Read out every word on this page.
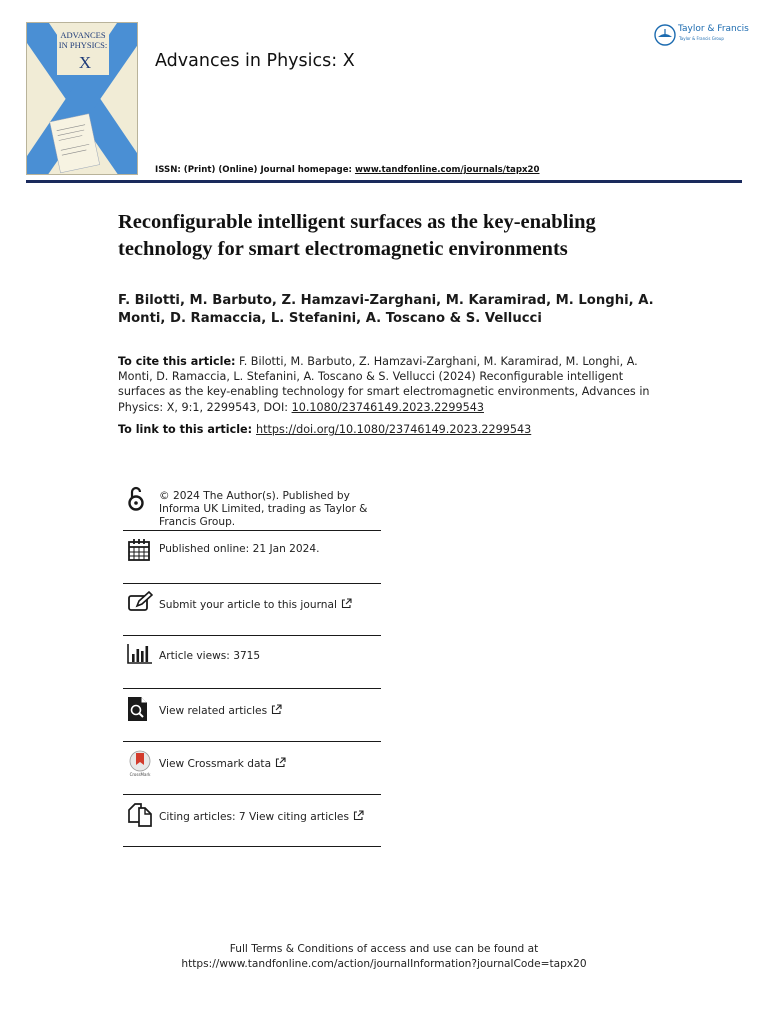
ADVANCES
IN PHYSICS:
X	Advances in Physics: X
ISSN: (Print) (Online) Journal homepage: www.tandfonline.com/journals/tapx20
Taylor & Francis
Taylor & Francis Group
Reconfigurable intelligent surfaces as the key-enabling technology for smart electromagnetic environments
F. Bilotti, M. Barbuto, Z. Hamzavi-Zarghani, M. Karamirad, M. Longhi, A. Monti, D. Ramaccia, L. Stefanini, A. Toscano & S. Vellucci
To cite this article: F. Bilotti, M. Barbuto, Z. Hamzavi-Zarghani, M. Karamirad, M. Longhi, A. Monti, D. Ramaccia, L. Stefanini, A. Toscano & S. Vellucci (2024) Reconfigurable intelligent surfaces as the key-enabling technology for smart electromagnetic environments, Advances in Physics: X, 9:1, 2299543, DOI: 10.1080/23746149.2023.2299543
To link to this article: https://doi.org/10.1080/23746149.2023.2299543
© 2024 The Author(s). Published by Informa UK Limited, trading as Taylor & Francis Group.
Published online: 21 Jan 2024.
Submit your article to this journal
Article views: 3715
View related articles
CrossMark
View Crossmark data
Citing articles: 7 View citing articles
Full Terms & Conditions of access and use can be found at
https://www.tandfonline.com/action/journalInformation?journalCode=tapx20
